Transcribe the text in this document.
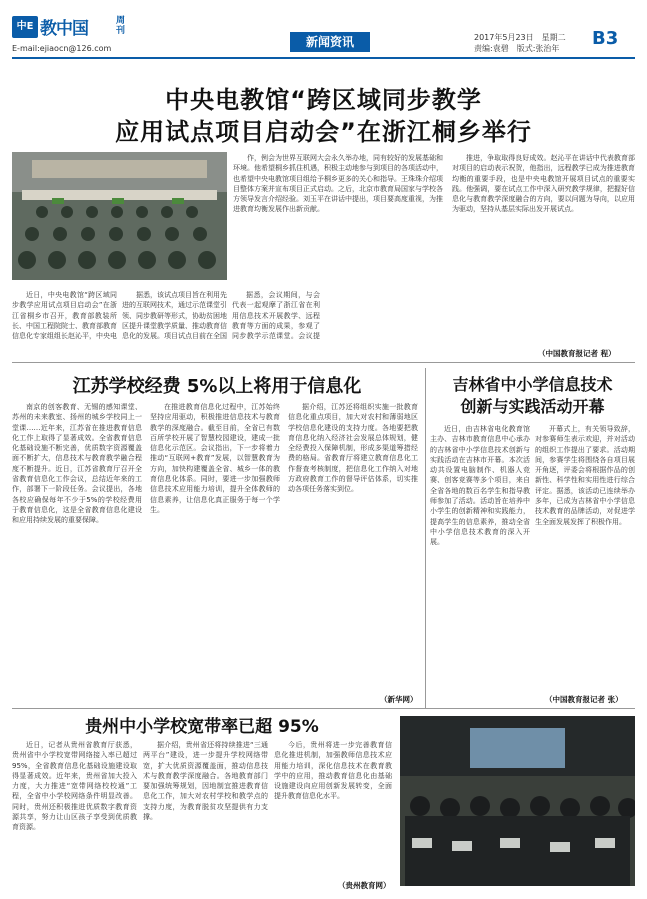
中E 教中国	周刊
E-mail:ejiaocn@126.com	新闻资讯	2017年5月23日　星期二
责编:袁碧　版式:张治年	B3
中央电教馆“跨区域同步教学
应用试点项目启动会”在浙江桐乡举行
近日，中央电教馆“跨区域同步教学应用试点项目启动会”在浙江省桐乡市召开，教育部教装所长、中国工程院院士、教育部教育信息化专家组组长赵沁平，中央电
据悉，该试点项目旨在利用先进的互联网技术，通过示范课堂引领、同步教研等形式，协助贫困地区提升课堂教学质量、推动教育信息化的发展。项目试点目前在全国
据悉，会议期间，与会代表一起观摩了浙江省在利用信息技术开展教学、远程教育等方面的成果，参观了同步教学示范课堂。会议提
作，例会为世界互联网大会永久举办地，同有较好的发展基础和环境。他希望桐乡抓住机遇，积极主动地参与到项目的各项活动中，也希望中央电教馆项目组给予桐乡更多的关心和指导。王珠珠介绍项目整体方案并宣布项目正式启动。之后，北京市教育局国家与学校各方领导发言介绍经验。刘玉平在讲话中提出，项目要高度重视，为推进教育均衡发展作出新贡献。
推进，争取取得良好成效。赵沁平在讲话中代表教育部对项目的启动表示祝贺，他指出，远程教学已成为推进教育均衡的重要手段，也是中央电教馆开展项目试点的重要实践。他强调，要在试点工作中深入研究教学规律，把握好信息化与教育教学深度融合的方向，要以问题为导向，以应用为驱动，坚持从基层实际出发开展试点。
（中国教育报记者 程）
江苏学校经费 5%以上将用于信息化
南京的创客教育、无锡的感知课堂、苏州的未来教室、扬州的城乡学校同上一堂课……近年来，江苏省在推进教育信息化工作上取得了显著成效。全省教育信息化基础设施不断完善，优质数字资源覆盖面不断扩大，信息技术与教育教学融合程度不断提升。近日，江苏省教育厅召开全省教育信息化工作会议，总结近年来的工作，部署下一阶段任务。会议提出，各地各校应确保每年不少于5%的学校经费用于教育信息化，这是全省教育信息化建设和应用持续发展的重要保障。
在推进教育信息化过程中，江苏始终坚持应用驱动，积极推进信息技术与教育教学的深度融合。截至目前，全省已有数百所学校开展了智慧校园建设，建成一批信息化示范区。会议指出，下一步将着力推动“互联网+教育”发展，以智慧教育为方向，加快构建覆盖全省、城乡一体的教育信息化体系。同时，要进一步加强教师信息技术应用能力培训，提升全体教师的信息素养，让信息化真正服务于每一个学生。
据介绍，江苏还将组织实施一批教育信息化重点项目，加大对农村和薄弱地区学校信息化建设的支持力度。各地要把教育信息化纳入经济社会发展总体规划，健全经费投入保障机制，形成多渠道筹措经费的格局。省教育厅将建立教育信息化工作督查考核制度，把信息化工作纳入对地方政府教育工作的督导评估体系，切实推动各项任务落实到位。
（新华网）
吉林省中小学信息技术
创新与实践活动开幕
近日，由吉林省电化教育馆主办、吉林市教育信息中心承办的吉林省中小学信息技术创新与实践活动在吉林市开幕。本次活动共设置电脑制作、机器人竞赛、创客竞赛等多个项目，来自全省各地的数百名学生和指导教师参加了活动。活动旨在培养中小学生的创新精神和实践能力，提高学生的信息素养，推动全省中小学信息技术教育的深入开展。
开幕式上，有关领导致辞，对参赛师生表示欢迎，并对活动的组织工作提出了要求。活动期间，参赛学生将围绕各自项目展开角逐，评委会将根据作品的创新性、科学性和实用性进行综合评定。据悉，该活动已连续举办多年，已成为吉林省中小学信息技术教育的品牌活动，对促进学生全面发展发挥了积极作用。
（中国教育报记者 张）
贵州中小学校宽带率已超 95%
近日，记者从贵州省教育厅获悉，贵州省中小学校宽带网络接入率已超过95%，全省教育信息化基础设施建设取得显著成效。近年来，贵州省加大投入力度，大力推进“宽带网络校校通”工程，全省中小学校网络条件明显改善。同时，贵州还积极推进优质数字教育资源共享，努力让山区孩子享受到优质教育资源。
据介绍，贵州省还将持续推进“三通两平台”建设，进一步提升学校网络带宽，扩大优质资源覆盖面，推动信息技术与教育教学深度融合。各地教育部门要加强统筹规划，因地制宜推进教育信息化工作，加大对农村学校和教学点的支持力度，为教育脱贫攻坚提供有力支撑。
今后，贵州将进一步完善教育信息化推进机制，加强教师信息技术应用能力培训，深化信息技术在教育教学中的应用，推动教育信息化由基础设施建设向应用创新发展转变，全面提升教育信息化水平。
（贵州教育网）
